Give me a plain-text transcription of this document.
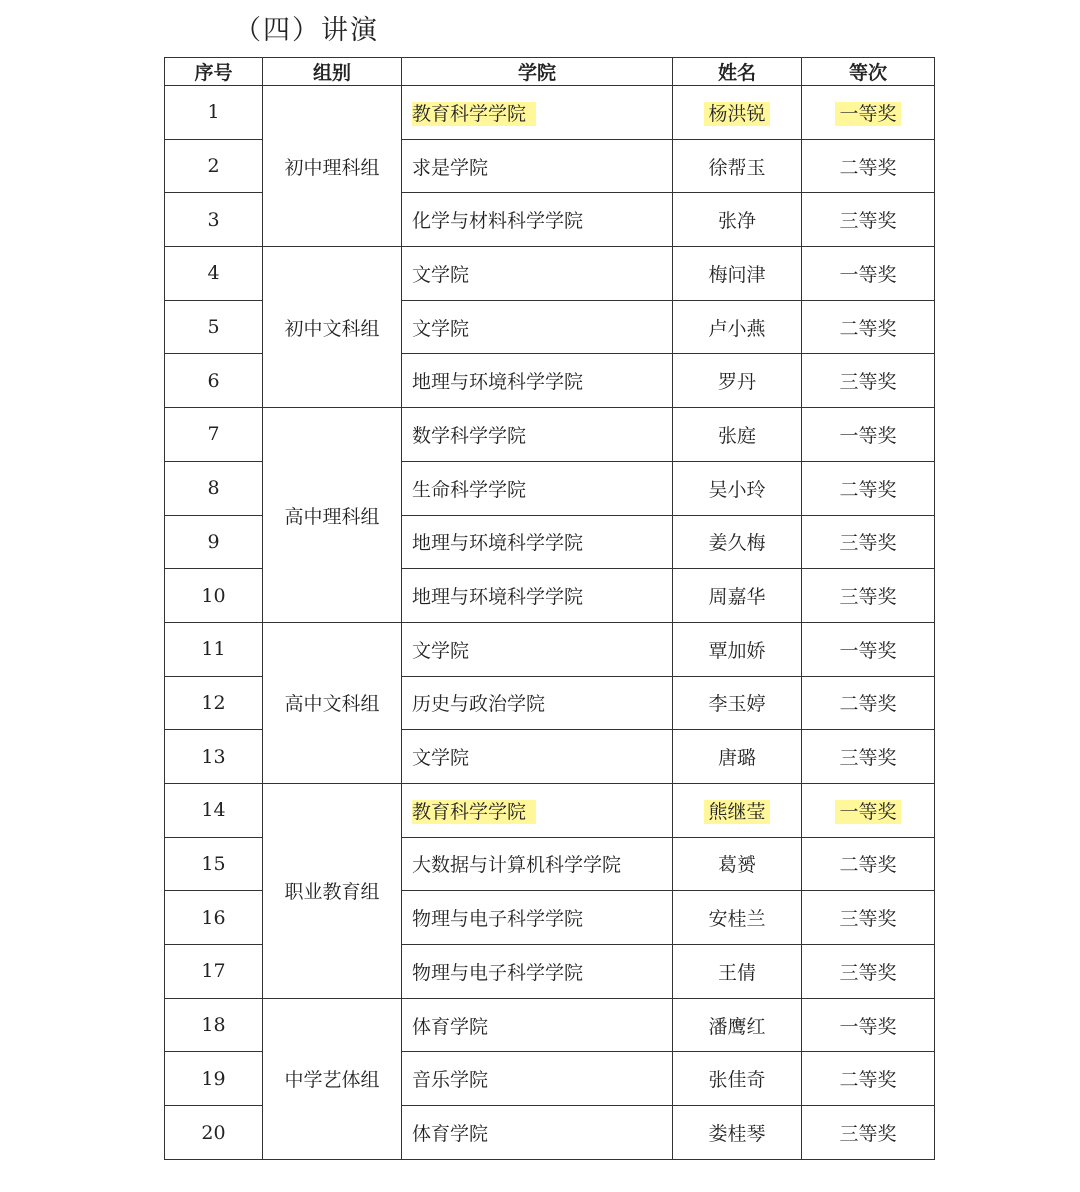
（四）讲演
序号	组别	学院	姓名	等次
1	初中理科组	教育科学学院	杨洪锐	一等奖
2		求是学院	徐帮玉	二等奖
3		化学与材料科学学院	张净	三等奖
4	初中文科组	文学院	梅问津	一等奖
5		文学院	卢小燕	二等奖
6		地理与环境科学学院	罗丹	三等奖
7	高中理科组	数学科学学院	张庭	一等奖
8		生命科学学院	吴小玲	二等奖
9		地理与环境科学学院	姜久梅	三等奖
10		地理与环境科学学院	周嘉华	三等奖
11	高中文科组	文学院	覃加娇	一等奖
12		历史与政治学院	李玉婷	二等奖
13		文学院	唐璐	三等奖
14	职业教育组	教育科学学院	熊继莹	一等奖
15		大数据与计算机科学学院	葛赟	二等奖
16		物理与电子科学学院	安桂兰	三等奖
17		物理与电子科学学院	王倩	三等奖
18	中学艺体组	体育学院	潘鹰红	一等奖
19		音乐学院	张佳奇	二等奖
20		体育学院	娄桂琴	三等奖
